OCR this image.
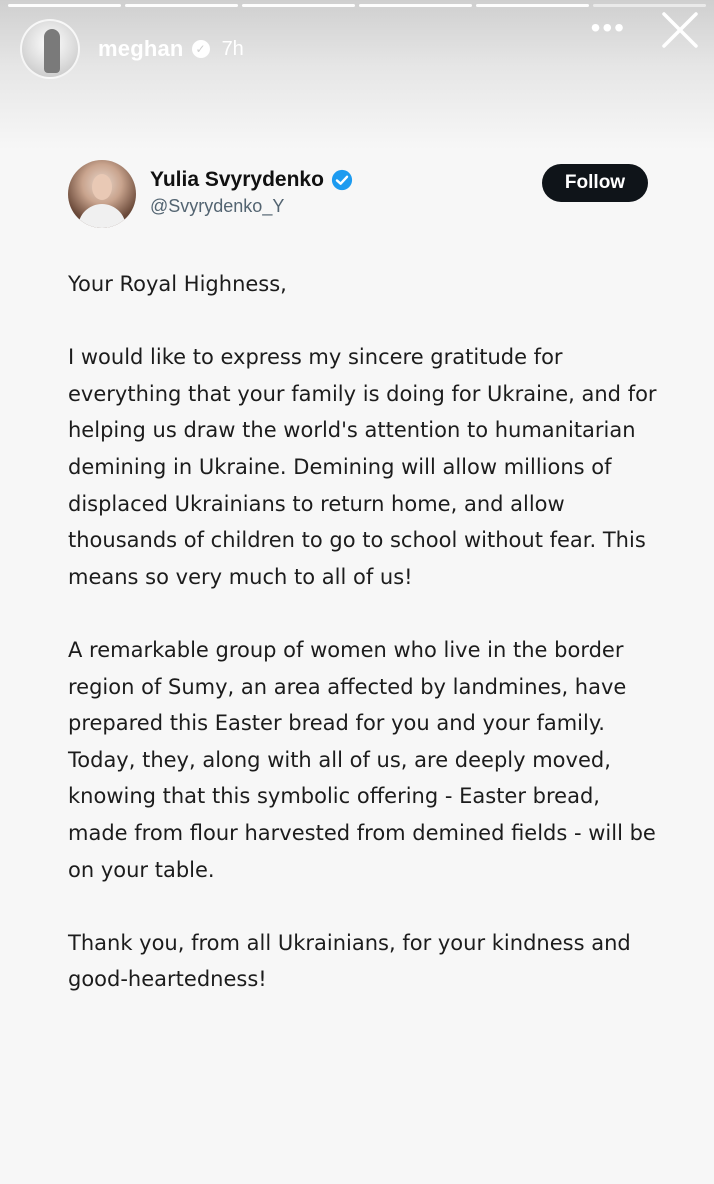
meghan ✓ 7h
•••
Yulia Svyrydenko
@Svyrydenko_Y
Follow

Your Royal Highness,

I would like to express my sincere gratitude for everything that your family is doing for Ukraine, and for helping us draw the world's attention to humanitarian demining in Ukraine. Demining will allow millions of displaced Ukrainians to return home, and allow thousands of children to go to school without fear. This means so very much to all of us!

A remarkable group of women who live in the border region of Sumy, an area affected by landmines, have prepared this Easter bread for you and your family. Today, they, along with all of us, are deeply moved, knowing that this symbolic offering - Easter bread, made from flour harvested from demined fields - will be on your table.

Thank you, from all Ukrainians, for your kindness and good-heartedness!
